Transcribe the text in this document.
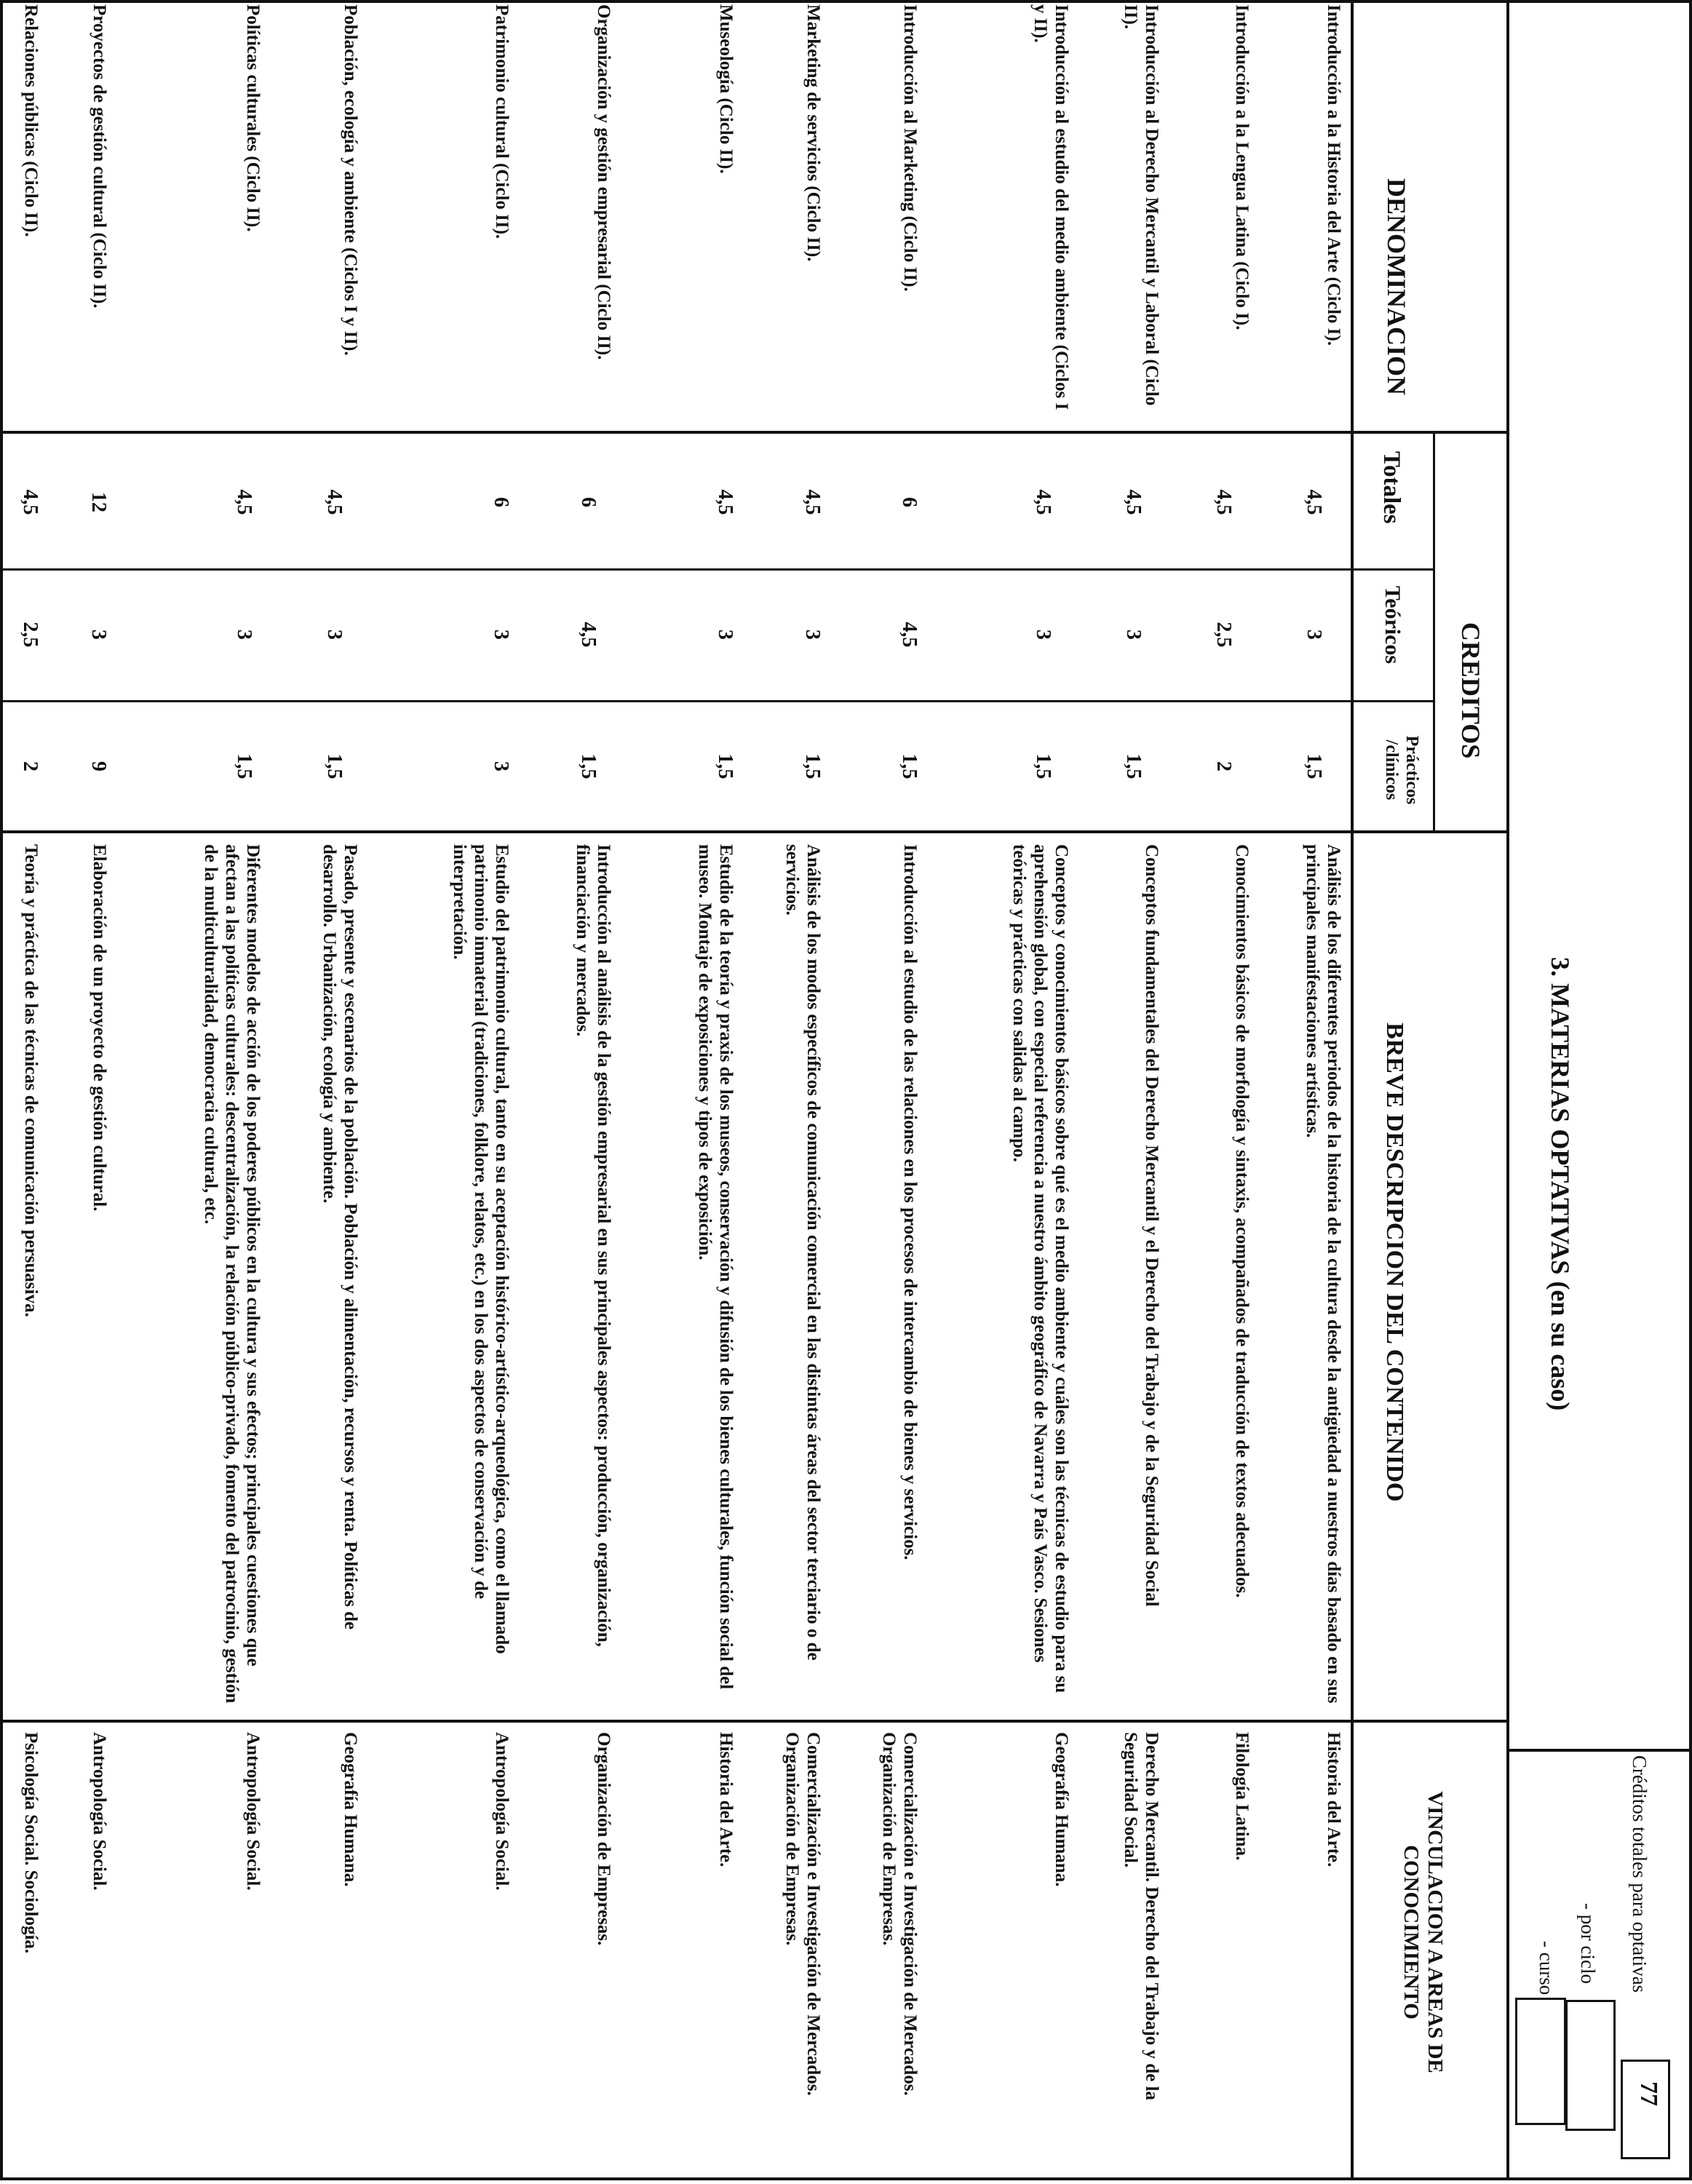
3. MATERIAS OPTATIVAS (en su caso)
Créditos totales para optativas
77
- por ciclo
- curso
DENOMINACION
CREDITOS
Totales
Teóricos
Prácticos /clínicos
BREVE DESCRIPCION DEL CONTENIDO
VINCULACION A AREAS DE CONOCIMIENTO
Introducción a la Historia del Arte (Ciclo I).
4,5
3
1,5
Análisis de los diferentes periodos de la historia de la cultura desde la antigüedad a nuestros días basado en sus principales manifestaciones artísticas.
Historia del Arte.
Introducción a la Lengua Latina (Ciclo I).
4,5
2,5
2
Conocimientos básicos de morfología y sintaxis, acompañados de traducción de textos adecuados.
Filología Latina.
Introducción al Derecho Mercantil y Laboral (Ciclo II).
4,5
3
1,5
Conceptos fundamentales del Derecho Mercantil y el Derecho del Trabajo y de la Seguridad Social
Derecho Mercantil. Derecho del Trabajo y de la Seguridad Social.
Introducción al estudio del medio ambiente (Ciclos I y II).
4,5
3
1,5
Conceptos y conocimientos básicos sobre qué es el medio ambiente y cuáles son las técnicas de estudio para su aprehensión global, con especial referencia a nuestro ámbito geográfico de Navarra y País Vasco. Sesiones teóricas y prácticas con salidas al campo.
Geografía Humana.
Introducción al Marketing (Ciclo II).
6
4,5
1,5
Introducción al estudio de las relaciones en los procesos de intercambio de bienes y servicios.
Comercialización e Investigación de Mercados. Organización de Empresas.
Marketing de servicios (Ciclo II).
4,5
3
1,5
Análisis de los modos específicos de comunicación comercial en las distintas áreas del sector terciario o de servicios.
Comercialización e Investigación de Mercados. Organización de Empresas.
Museología (Ciclo II).
4,5
3
1,5
Estudio de la teoría y praxis de los museos, conservación y difusión de los bienes culturales, función social del museo. Montaje de exposiciones y tipos de exposición.
Historia del Arte.
Organización y gestión empresarial (Ciclo II).
6
4,5
1,5
Introducción al análisis de la gestión empresarial en sus principales aspectos: producción, organización, financiación y mercados.
Organización de Empresas.
Patrimonio cultural (Ciclo II).
6
3
3
Estudio del patrimonio cultural, tanto en su aceptación histórico-artístico-arqueológica, como el llamado patrimonio inmaterial (tradiciones, folklore, relatos, etc.) en los dos aspectos de conservación y de interpretación.
Antropología Social.
Población, ecología y ambiente (Ciclos I y II).
4,5
3
1,5
Pasado, presente y escenarios de la población. Población y alimentación, recursos y renta. Políticas de desarrollo. Urbanización, ecología y ambiente.
Geografía Humana.
Políticas culturales (Ciclo II).
4,5
3
1,5
Diferentes modelos de acción de los poderes públicos en la cultura y sus efectos; principales cuestiones que afectan a las políticas culturales: descentralización, la relación público-privado, fomento del patrocinio, gestión de la multiculturalidad, democracia cultural, etc.
Antropología Social.
Proyectos de gestión cultural (Ciclo II).
12
3
9
Elaboración de un proyecto de gestión cultural.
Antropología Social.
Relaciones públicas (Ciclo II).
4,5
2,5
2
Teoría y práctica de las técnicas de comunicación persuasiva.
Psicología Social. Sociología.
